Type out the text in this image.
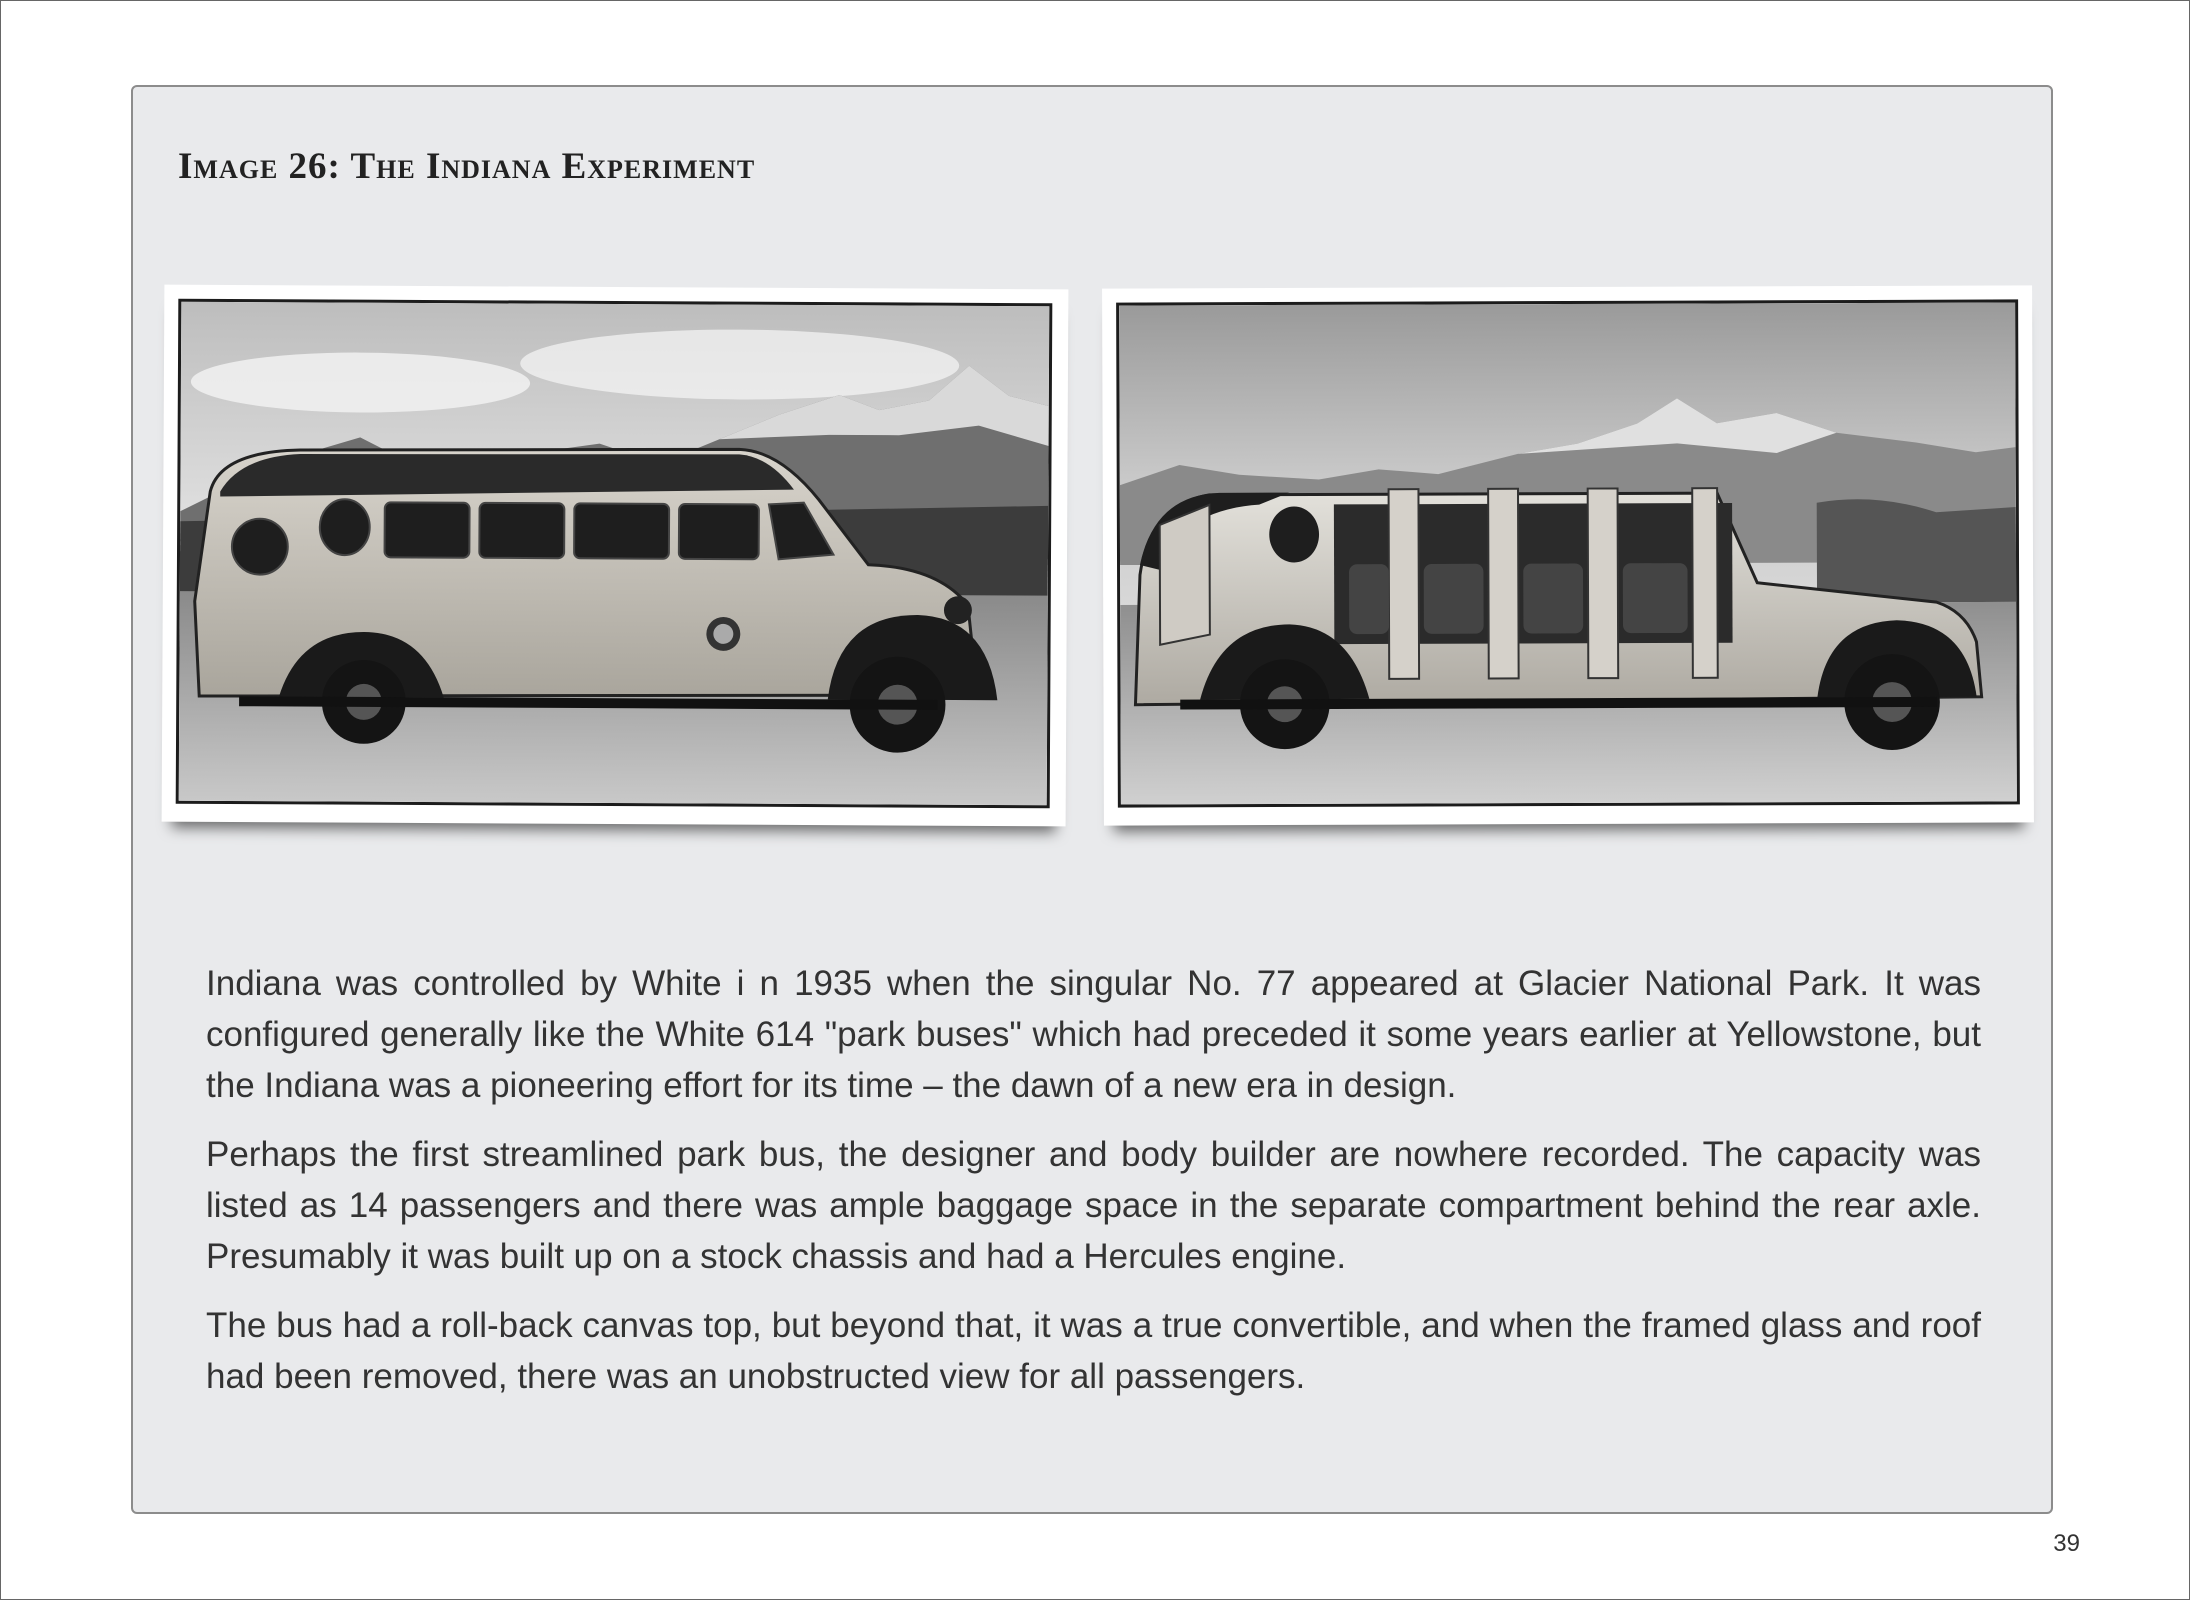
Image 26: The Indiana Experiment

Indiana was controlled by White i n 1935 when the singular No. 77 appeared at Glacier National Park. It was configured generally like the White 614 "park buses" which had preceded it some years earlier at Yellowstone, but the Indiana was a pioneering effort for its time – the dawn of a new era in design.

Perhaps the first streamlined park bus, the designer and body builder are nowhere recorded. The capacity was listed as 14 passengers and there was ample baggage space in the separate compartment behind the rear axle. Presumably it was built up on a stock chassis and had a Hercules engine.

The bus had a roll-back canvas top, but beyond that, it was a true convertible, and when the framed glass and roof had been removed, there was an unobstructed view for all passengers.

39
